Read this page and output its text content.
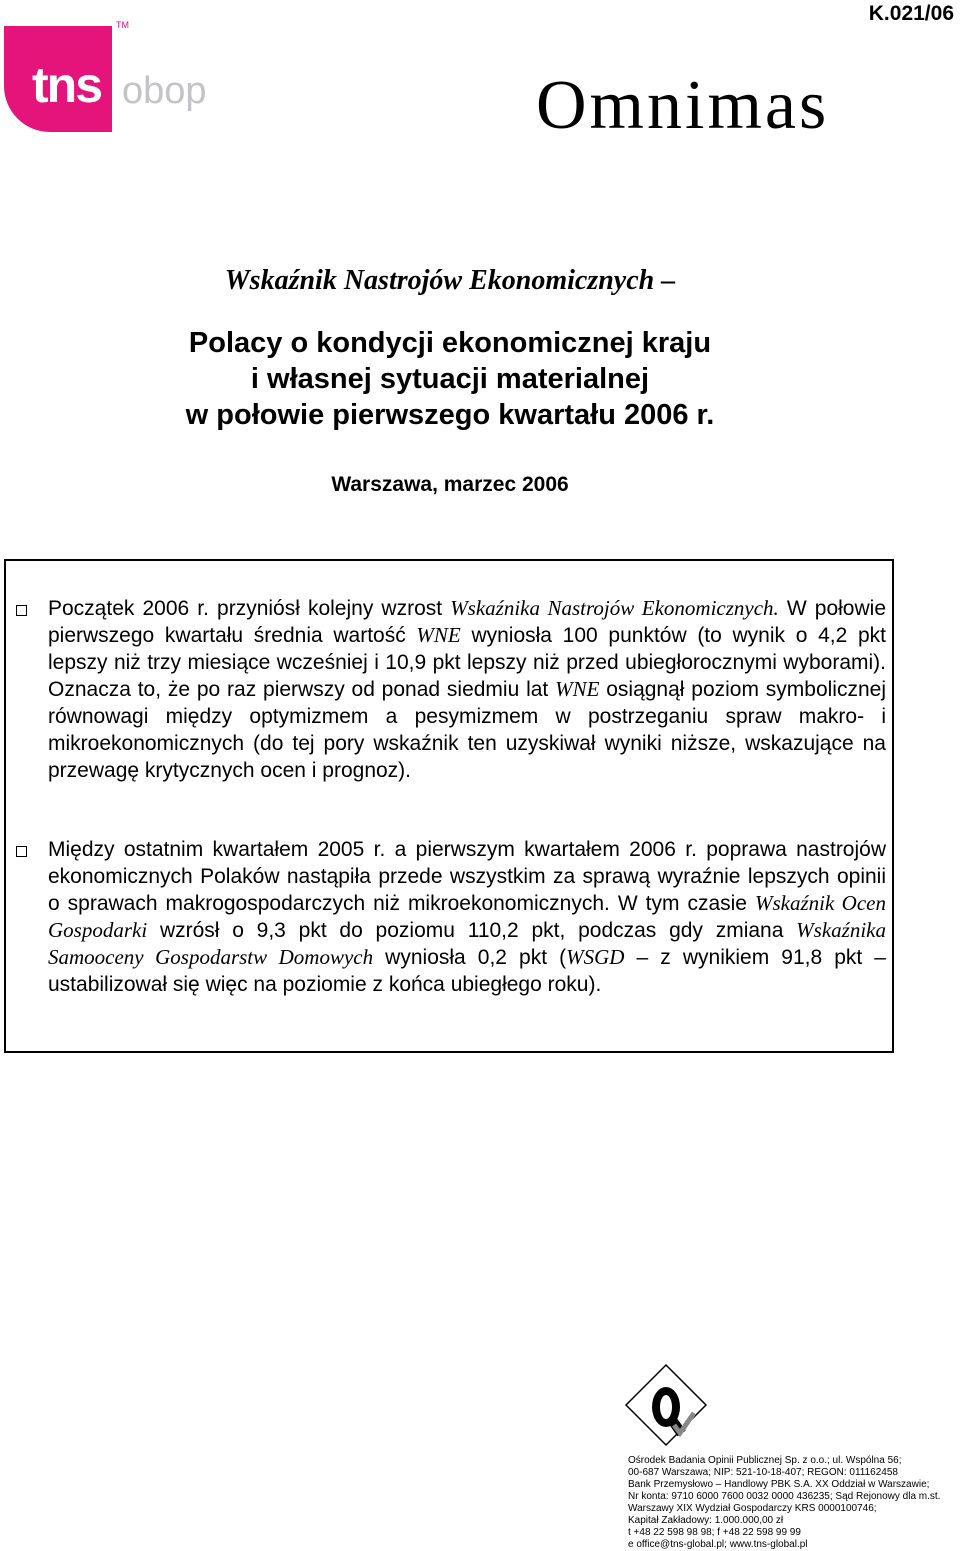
K.021/06
TM
tns obop	Omnimas
Wskaźnik Nastrojów Ekonomicznych –
Polacy o kondycji ekonomicznej kraju
i własnej sytuacji materialnej
w połowie pierwszego kwartału 2006 r.
Warszawa, marzec 2006
Początek 2006 r. przyniósł kolejny wzrost Wskaźnika Nastrojów Ekonomicznych. W połowie pierwszego kwartału średnia wartość WNE wyniosła 100 punktów (to wynik o 4,2 pkt lepszy niż trzy miesiące wcześniej i 10,9 pkt lepszy niż przed ubiegłorocznymi wyborami). Oznacza to, że po raz pierwszy od ponad siedmiu lat WNE osiągnął poziom symbolicznej równowagi między optymizmem a pesymizmem w postrzeganiu spraw makro- i mikroekonomicznych (do tej pory wskaźnik ten uzyskiwał wyniki niższe, wskazujące na przewagę krytycznych ocen i prognoz).
Między ostatnim kwartałem 2005 r. a pierwszym kwartałem 2006 r. poprawa nastrojów ekonomicznych Polaków nastąpiła przede wszystkim za sprawą wyraźnie lepszych opinii o sprawach makrogospodarczych niż mikroekonomicznych. W tym czasie Wskaźnik Ocen Gospodarki wzrósł o 9,3 pkt do poziomu 110,2 pkt, podczas gdy zmiana Wskaźnika Samooceny Gospodarstw Domowych wyniosła 0,2 pkt (WSGD – z wynikiem 91,8 pkt – ustabilizował się więc na poziomie z końca ubiegłego roku).
Ośrodek Badania Opinii Publicznej Sp. z o.o.; ul. Wspólna 56;
00-687 Warszawa; NIP: 521-10-18-407; REGON: 011162458
Bank Przemysłowo – Handlowy PBK S.A. XX Oddział w Warszawie;
Nr konta: 9710 6000 7600 0032 0000 436235; Sąd Rejonowy dla m.st.
Warszawy XIX Wydział Gospodarczy KRS 0000100746;
Kapitał Zakładowy: 1.000.000,00 zł
t +48 22 598 98 98; f +48 22 598 99 99
e office@tns-global.pl; www.tns-global.pl
